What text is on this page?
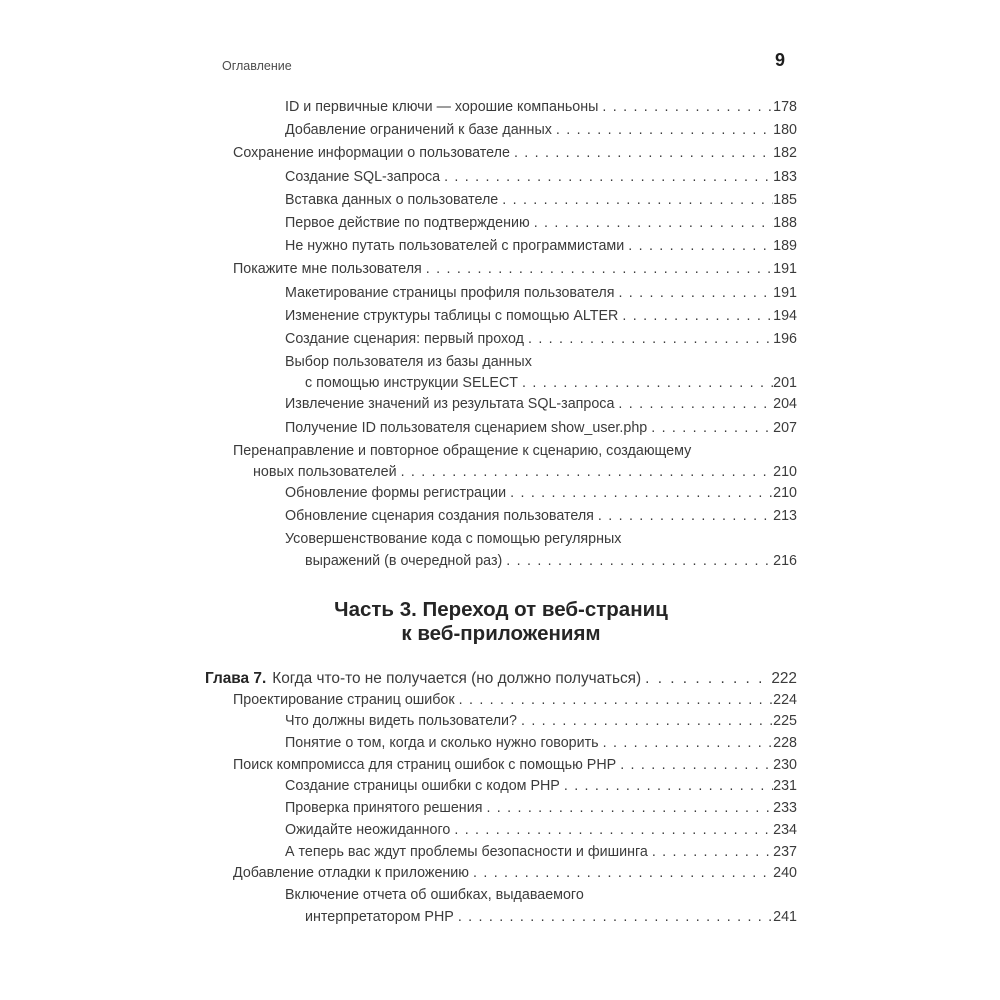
Оглавление	9
ID и первичные ключи — хорошие компаньоны . . .	178
Добавление ограничений к базе данных . . .	180
Сохранение информации о пользователе . . .	182
Создание SQL-запроса . . .	183
Вставка данных о пользователе . . .	185
Первое действие по подтверждению . . .	188
Не нужно путать пользователей с программистами . . .	189
Покажите мне пользователя . . .	191
Макетирование страницы профиля пользователя . . .	191
Изменение структуры таблицы с помощью ALTER . . .	194
Создание сценария: первый проход . . .	196
Выбор пользователя из базы данных
с помощью инструкции SELECT . . .	201
Извлечение значений из результата SQL-запроса . . .	204
Получение ID пользователя сценарием show_user.php . . .	207
Перенаправление и повторное обращение к сценарию, создающему
новых пользователей . . .	210
Обновление формы регистрации . . .	210
Обновление сценария создания пользователя . . .	213
Усовершенствование кода с помощью регулярных
выражений (в очередной раз) . . .	216
Часть 3. Переход от веб-страниц
к веб-приложениям
Глава 7. Когда что-то не получается (но должно получаться) . . .	222
Проектирование страниц ошибок . . .	224
Что должны видеть пользователи? . . .	225
Понятие о том, когда и сколько нужно говорить . . .	228
Поиск компромисса для страниц ошибок с помощью PHP . . .	230
Создание страницы ошибки с кодом PHP . . .	231
Проверка принятого решения . . .	233
Ожидайте неожиданного . . .	234
А теперь вас ждут проблемы безопасности и фишинга . . .	237
Добавление отладки к приложению . . .	240
Включение отчета об ошибках, выдаваемого
интерпретатором PHP . . .	241
